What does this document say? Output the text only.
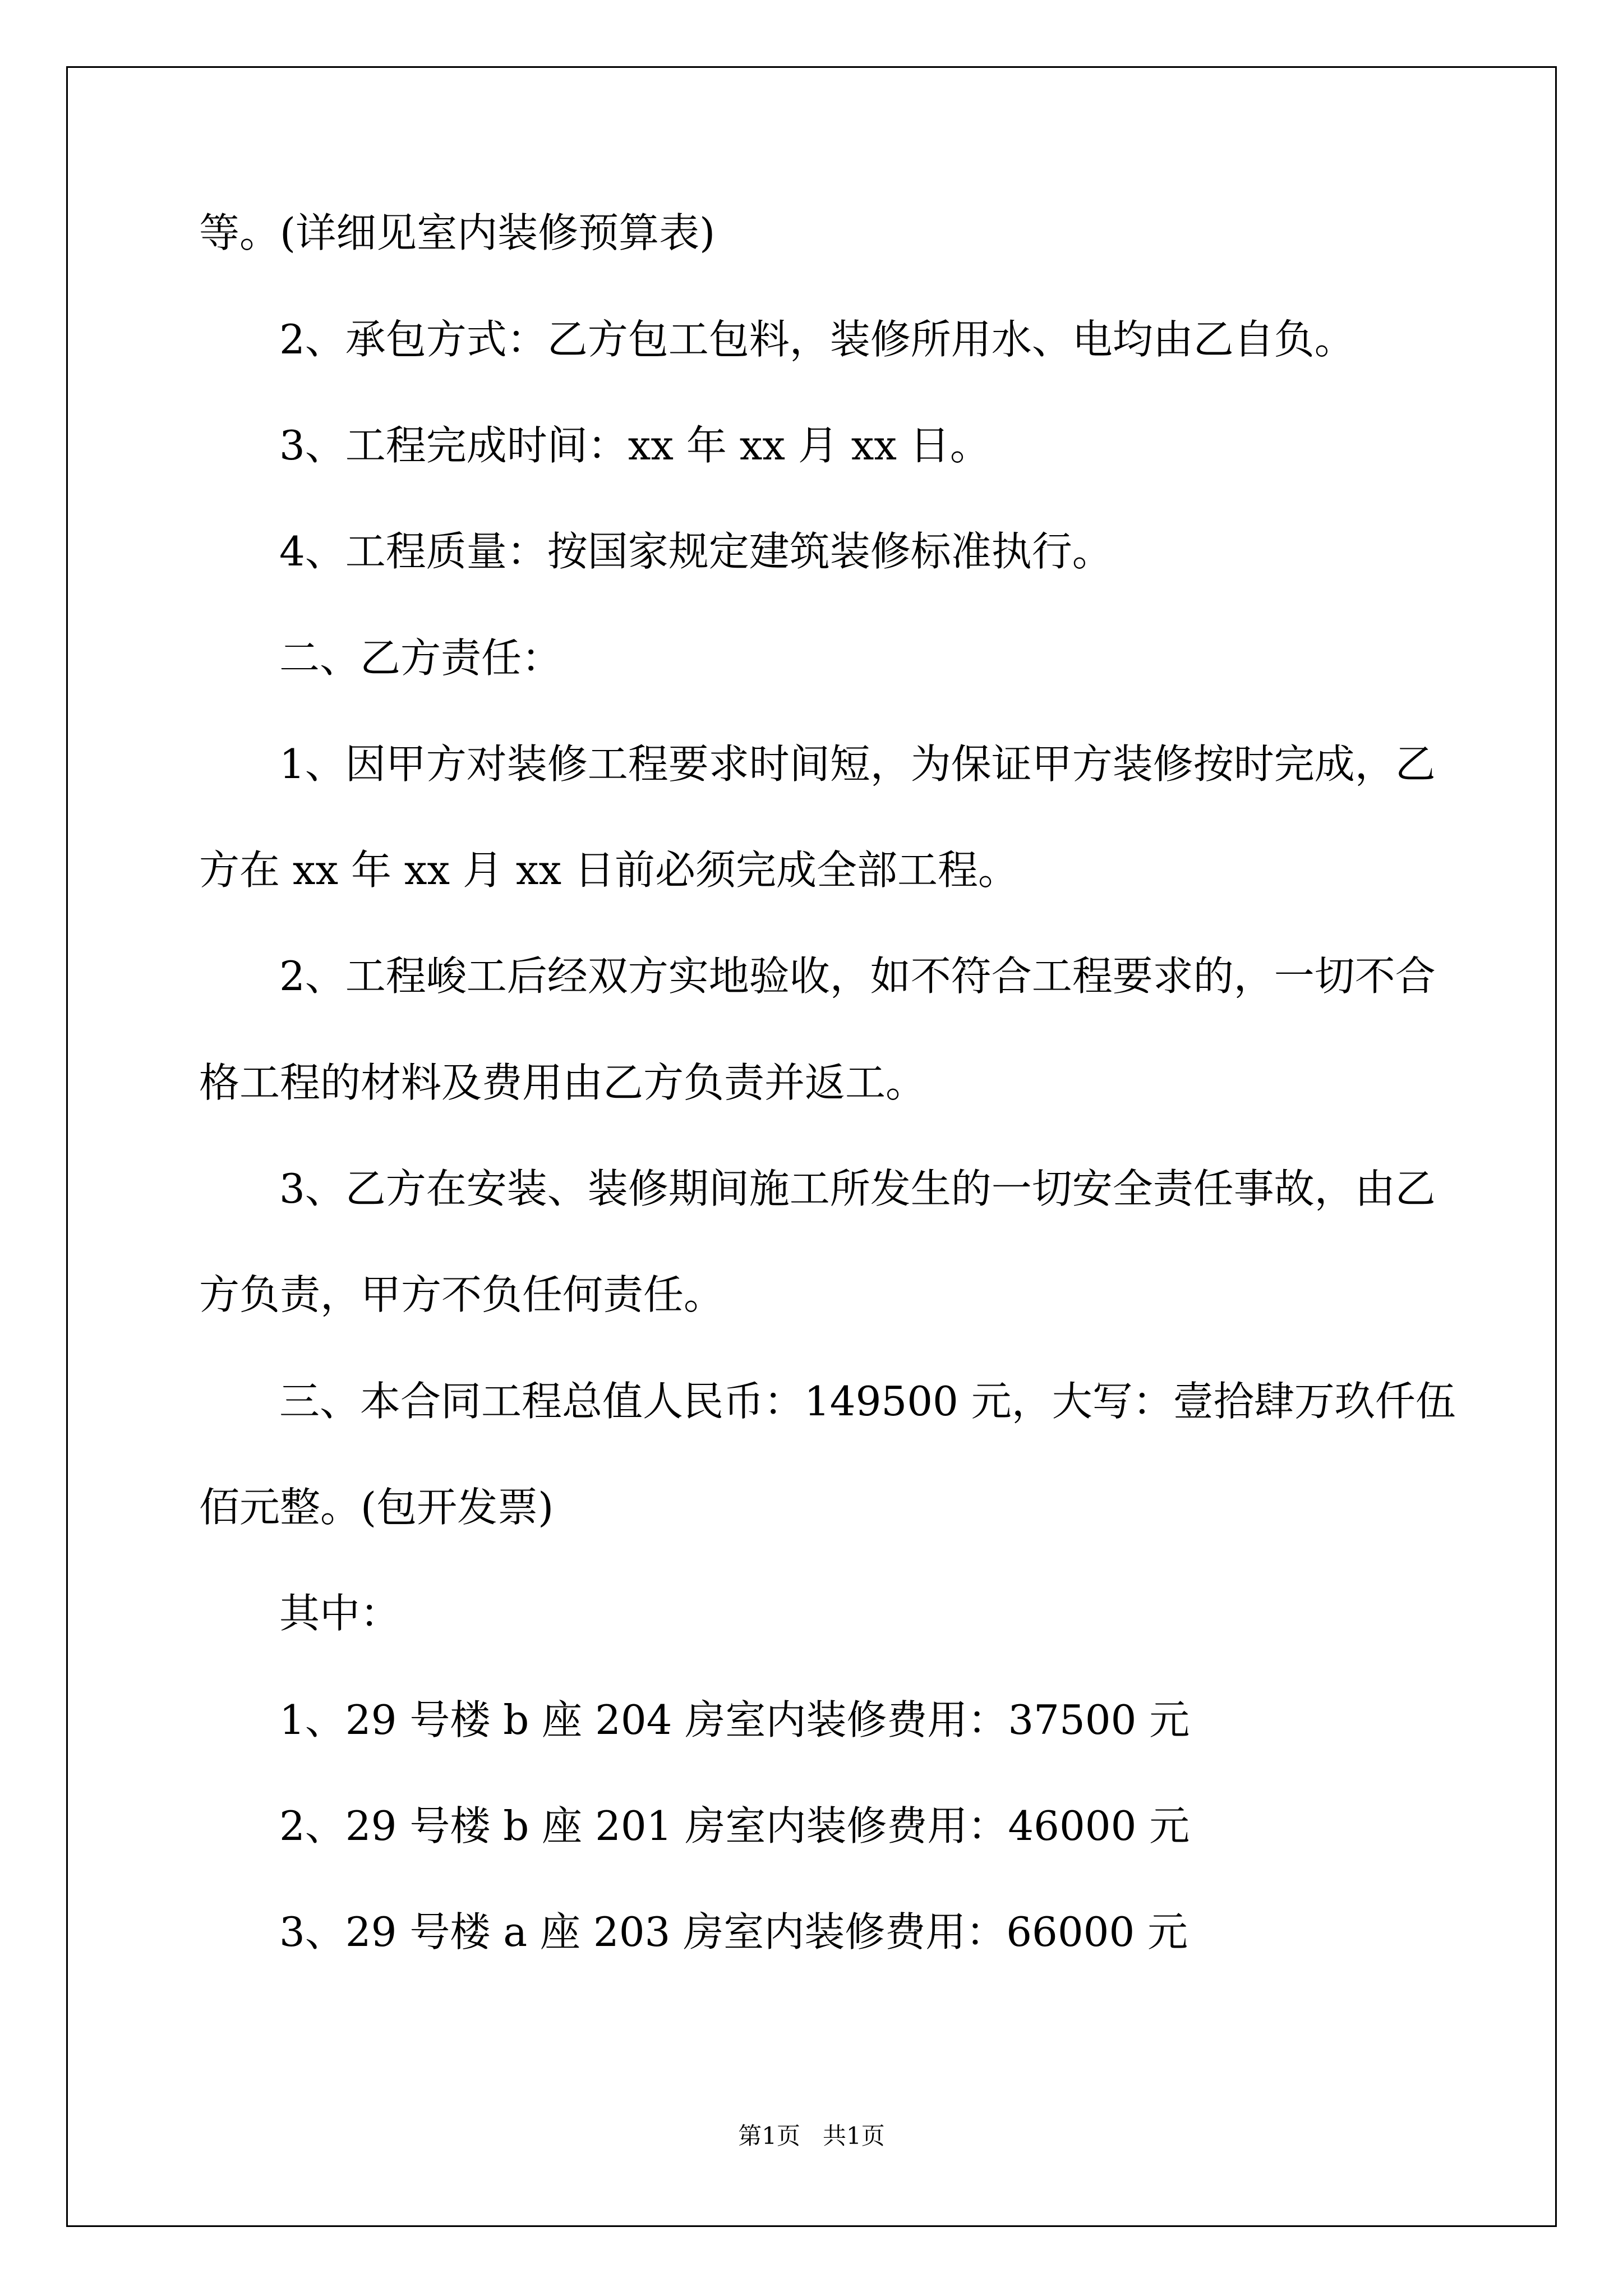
等。(详细见室内装修预算表)
2、承包方式：乙方包工包料，装修所用水、电均由乙自负。
3、工程完成时间：xx 年 xx 月 xx 日。
4、工程质量：按国家规定建筑装修标准执行。
二、乙方责任：
1、因甲方对装修工程要求时间短，为保证甲方装修按时完成，乙
方在 xx 年 xx 月 xx 日前必须完成全部工程。
2、工程峻工后经双方实地验收，如不符合工程要求的，一切不合
格工程的材料及费用由乙方负责并返工。
3、乙方在安装、装修期间施工所发生的一切安全责任事故，由乙
方负责，甲方不负任何责任。
三、本合同工程总值人民币：149500 元，大写：壹拾肆万玖仟伍
佰元整。(包开发票)
其中：
1、29 号楼 b 座 204 房室内装修费用：37500 元
2、29 号楼 b 座 201 房室内装修费用：46000 元
3、29 号楼 a 座 203 房室内装修费用：66000 元
第1页   共1页
